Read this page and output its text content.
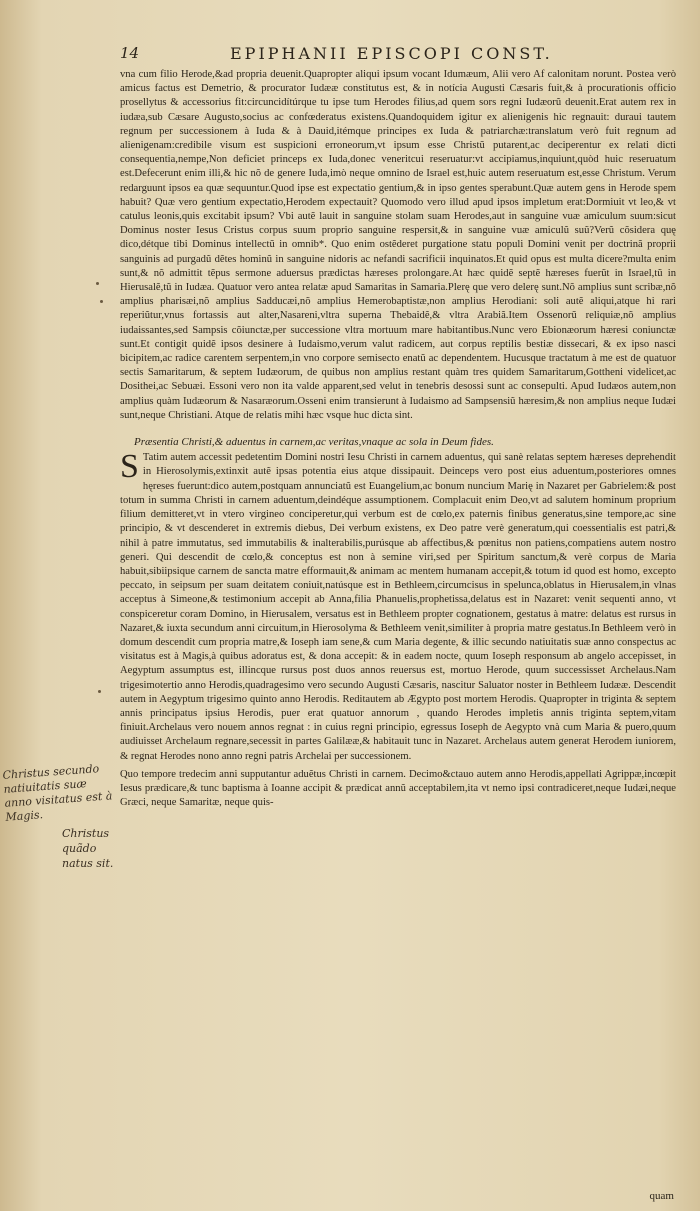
14	EPIPHANII EPISCOPI CONST.

vna cum filio Herode,&ad propria deuenit.Quapropter aliqui ipsum vocant Idumæum, Alii vero Af calonitam norunt. Postea verò amicus factus est Demetrio, & procurator Iudææ constitutus est, & in notícia Augusti Cæsaris fuit,& à procurationis officio prosellytus & accessorius fit:circuncidítúrque tu ipse tum Herodes filius,ad quem sors regni Iudæorũ deuenit.Erat autem rex in iudæa,sub Cæsare Augusto,socius ac confœderatus existens.Quandoquidem igitur ex alienigenis hic regnauit: duraui tautem regnum per successionem à Iuda & à Dauid,itémque principes ex Iuda & patriarchæ:translatum verò fuit regnum ad alienigenam:credibile visum est suspicioni erroneorum,vt ipsum esse Christũ putarent,ac deciperentur ex relati dicti consequentia,nempe,Non deficiet princeps ex Iuda,donec veneritcui reseruatur:vt accipiamus,inquiunt,quòd huic reseruatum est.Defecerunt enim illi,& hic nõ de genere Iuda,imò neque omnino de Israel est,huic autem reseruatum est,esse Christum. Verum redarguunt ipsos ea quæ sequuntur.Quod ipse est expectatio gentium,& in ipso gentes sperabunt.Quæ autem gens in Herode spem habuit? Quæ vero gentium expectatio,Herodem expectauit? Quomodo vero illud apud ipsos impletum erat:Dormiuit vt leo,& vt catulus leonis,quis excitabit ipsum? Vbi autẽ lauit in sanguine stolam suam Herodes,aut in sanguine vuæ amiculum suum:sicut Dominus noster Iesus Cristus corpus suum proprio sanguine respersit,& in sanguine vuæ amiculũ suũ?Verũ cõsidera quę dico,détque tibi Dominus intellectũ in omnib*. Quo enim ostẽderet purgatione statu populi Domini venit per doctrinã proprii sanguinis ad purgadũ dẽtes hominũ in sanguine nidoris ac nefandi sacrificii inquinatos.Et quid opus est multa dicere?multa enim sunt,& nõ admittit tẽpus sermone aduersus prædictas hæreses prolongare.At hæc quidẽ septẽ hæreses fuerũt in Israel,tũ in Hierusalẽ,tũ in Iudæa. Quatuor vero antea relatæ apud Samaritas in Samaria.Plerę que vero delerę sunt.Nõ amplius sunt scribæ,nõ amplius pharisæi,nõ amplius Sadducæi,nõ amplius Hemerobaptistæ,non amplius Herodiani: soli autẽ aliqui,atque hi rari reperiũtur,vnus fortassis aut alter,Nasareni,vltra superna Thebaidẽ,& vltra Arabiã.Item Ossenorũ reliquiæ,nõ amplius iudaissantes,sed Sampsis cõiunctæ,per successione vltra mortuum mare habitantibus.Nunc vero Ebionæorum hæresi coniunctæ sunt.Et contigit quidẽ ipsos desinere à Iudaismo,verum valut radicem, aut corpus reptilis bestiæ dissecari, & ex ipso nasci bicipitem,ac radice carentem serpentem,in vno corpore semisecto enatũ ac dependentem. Hucusque tractatum à me est de quatuor sectis Samaritarum, & septem Iudæorum, de quibus non amplius restant quàm tres quidem Samaritarum,Gottheni videlicet,ac Dosithei,ac Sebuæi. Essoni vero non ita valde apparent,sed velut in tenebris desossi sunt ac consepulti. Apud Iudæos autem,non amplius quàm Iudæorum & Nasaræorum.Osseni enim transierunt à Iudaismo ad Sampsensiũ hæresim,& non amplius neque Iudæi sunt,neque Christiani. Atque de relatis mihi hæc vsque huc dicta sint.

Præsentia Christi,& aduentus in carnem,ac veritas,vnaque ac sola in Deum fides.

S Tatim autem accessit pedetentim Domini nostri Iesu Christi in carnem aduentus, qui sanè relatas septem hæreses deprehendit in Hierosolymis,extinxit autẽ ipsas potentia eius atque dissipauit. Deinceps vero post eius aduentum,posteriores omnes hęreses fuerunt:dico autem,postquam annunciatũ est Euangelium,ac bonum nuncium Marię in Nazaret per Gabrielem:& post totum in summa Christi in carnem aduentum,deindéque assumptionem. Complacuit enim Deo,vt ad salutem hominum proprium filium demitteret,vt in vtero virgineo conciperetur,qui verbum est de cœlo,ex paternis finibus generatus,sine tempore,ac sine principio, & vt descenderet in extremis diebus, Dei verbum existens, ex Deo patre verè generatum,qui coessentialis est patri,& nihil à patre immutatus, sed immutabilis & inalterabilis,purúsque ab affectibus,& pœnitus non patiens,compatiens autem nostro generi. Qui descendit de cœlo,& conceptus est non à semine viri,sed per Spiritum sanctum,& verè corpus de Maria habuit,sibiipsique carnem de sancta matre efformauit,& animam ac mentem humanam accepit,& totum id quod est homo, excepto peccato, in seipsum per suam deitatem coniuit,natúsque est in Bethleem,circumcisus in spelunca,oblatus in Hierusalem,in vlnas acceptus à Simeone,& testimonium accepit ab Anna,filia Phanuelis,prophetissa,delatus est in Nazaret: venit sequenti anno, vt conspiceretur coram Domino, in Hierusalem, versatus est in Bethleem propter cognationem, gestatus à matre: delatus est rursus in Nazaret,& iuxta secundum anni circuitum,in Hierosolyma & Bethleem venit,similiter à propria matre gestatus.In Bethleem verò in domum descendit cum propria matre,& Ioseph iam sene,& cum Maria degente, & illic secundo natiuitatis suæ anno conspectus ac visitatus est à Magis,à quibus adoratus est, & dona accepit: & in eadem nocte, quum Ioseph responsum ab angelo accepisset, in Aegyptum assumptus est, illincque rursus post duos annos reuersus est, mortuo Herode, quum successisset Archelaus.Nam trigesimotertio anno Herodis,quadragesimo vero secundo Augusti Cæsaris, nascitur Saluator noster in Bethleem Iudææ. Descendit autem in Aegyptum trigesimo quinto anno Herodis. Reditautem ab Ægypto post mortem Herodis. Quapropter in triginta & septem annis principatus ipsius Herodis, puer erat quatuor annorum , quando Herodes impletis annis triginta septem,vitam finiuit.Archelaus vero nouem annos regnat : in cuius regni principio, egressus Ioseph de Aegypto vnà cum Maria & puero,quum audiuisset Archelaum regnare,secessit in partes Galilææ,& habitauit tunc in Nazaret. Archelaus autem generat Herodem iuniorem, & regnat Herodes nono anno regni patris Archelai per successionem.

Quo tempore tredecim anni supputantur aduẽtus Christi in carnem. Decimo&ctauo autem anno Herodis,appellati Agrippæ,incœpit Iesus prædicare,& tunc baptisma à Ioanne accipit & prædicat annũ acceptabilem,ita vt nemo ipsi contradiceret,neque Iudæi,neque Græci, neque Samaritæ, neque quis-

Christus secundo natiuitatis suæ anno visitatus est à Magis.
Christus quãdo natus sit.
quam
